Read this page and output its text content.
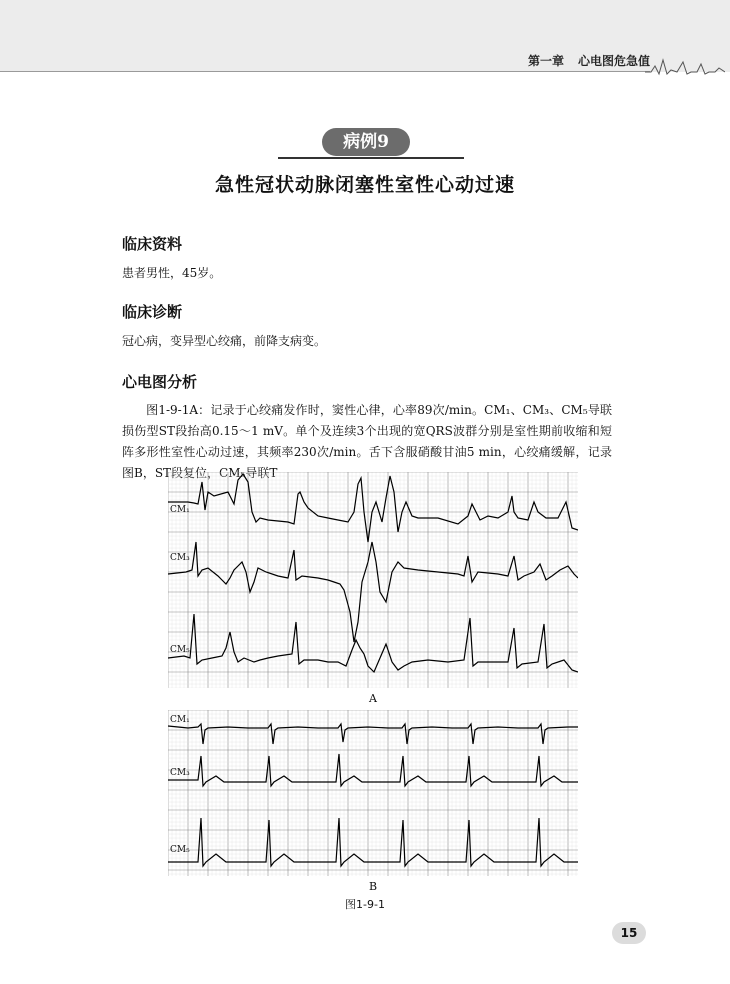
第一章 心电图危急值
病例9
急性冠状动脉闭塞性室性心动过速
临床资料
患者男性，45岁。
临床诊断
冠心病，变异型心绞痛，前降支病变。
心电图分析
图1-9-1A：记录于心绞痛发作时，窦性心律，心率89次/min。CM₁、CM₃、CM₅导联损伤型ST段抬高0.15～1 mV。单个及连续3个出现的宽QRS波群分别是室性期前收缩和短阵多形性室性心动过速，其频率230次/min。舌下含服硝酸甘油5 min，心绞痛缓解，记录图B，ST段复位，CM₅导联T
CM₁
CM₃
CM₅
A
CM₁
CM₃
CM₅
B
图1-9-1
15
